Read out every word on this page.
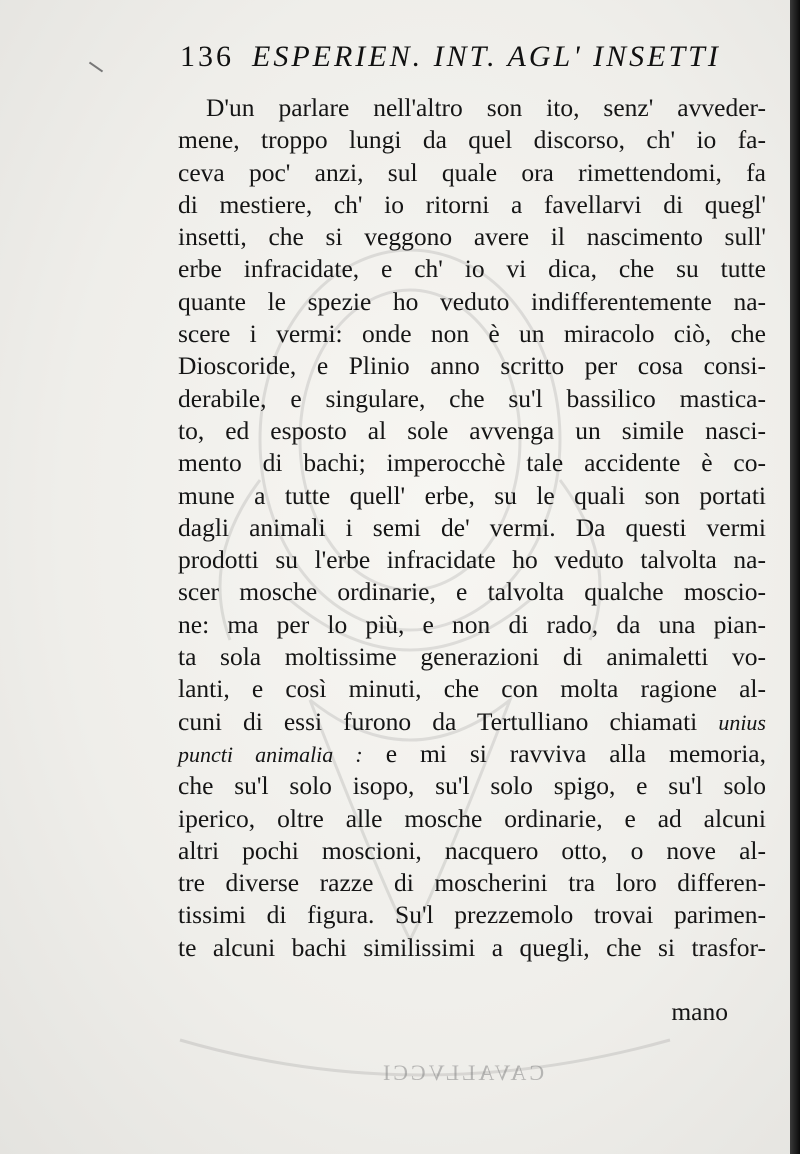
136 ESPERIEN. INT. AGL' INSETTI
D'un parlare nell'altro son ito, senz' avveder-
mene, troppo lungi da quel discorso, ch' io fa-
ceva poc' anzi, sul quale ora rimettendomi, fa
di mestiere, ch' io ritorni a favellarvi di quegl'
insetti, che si veggono avere il nascimento sull'
erbe infracidate, e ch' io vi dica, che su tutte
quante le spezie ho veduto indifferentemente na-
scere i vermi: onde non è un miracolo ciò, che
Dioscoride, e Plinio anno scritto per cosa consi-
derabile, e singulare, che su'l bassilico mastica-
to, ed esposto al sole avvenga un simile nasci-
mento di bachi; imperocchè tale accidente è co-
mune a tutte quell' erbe, su le quali son portati
dagli animali i semi de' vermi. Da questi vermi
prodotti su l'erbe infracidate ho veduto talvolta na-
scer mosche ordinarie, e talvolta qualche moscio-
ne: ma per lo più, e non di rado, da una pian-
ta sola moltissime generazioni di animaletti vo-
lanti, e così minuti, che con molta ragione al-
cuni di essi furono da Tertulliano chiamati unius
puncti animalia : e mi si ravviva alla memoria,
che su'l solo isopo, su'l solo spigo, e su'l solo
iperico, oltre alle mosche ordinarie, e ad alcuni
altri pochi moscioni, nacquero otto, o nove al-
tre diverse razze di moscherini tra loro differen-
tissimi di figura. Su'l prezzemolo trovai parimen-
te alcuni bachi similissimi a quegli, che si trasfor-
mano
CAVALLVCCI
